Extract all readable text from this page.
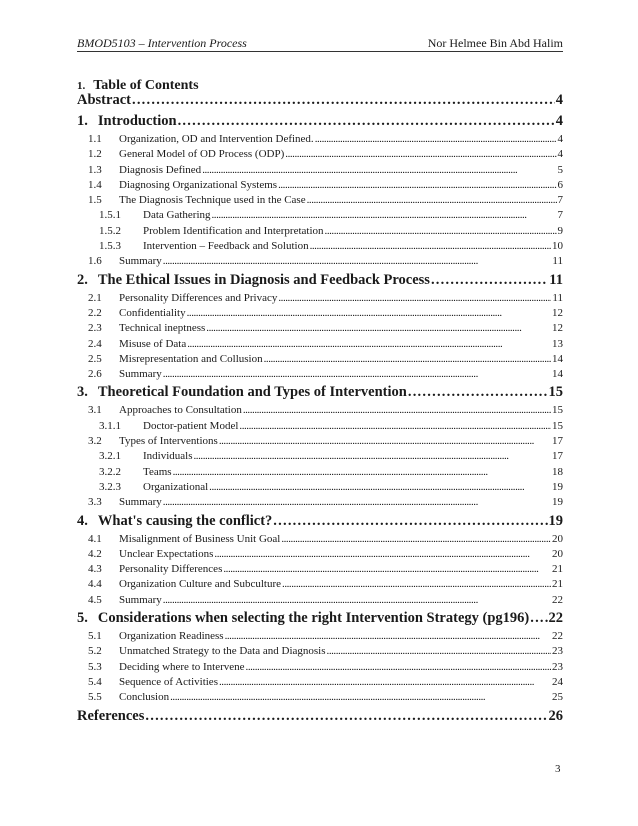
BMOD5103 – Intervention Process	Nor Helmee Bin Abd Halim
1. Table of Contents
Abstract . . .	4
1. Introduction . . .	4
1.1	Organization, OD and Intervention Defined. . . .	4
1.2	General Model of OD Process (ODP) . . .	4
1.3	Diagnosis Defined . . .	5
1.4	Diagnosing Organizational Systems . . .	6
1.5	The Diagnosis Technique used in the Case . . .	7
1.5.1	Data Gathering . . .	7
1.5.2	Problem Identification and Interpretation . . .	9
1.5.3	Intervention – Feedback and Solution . . .	10
1.6	Summary . . .	11
2. The Ethical Issues in Diagnosis and Feedback Process . . .	11
2.1	Personality Differences and Privacy . . .	11
2.2	Confidentiality . . .	12
2.3	Technical ineptness . . .	12
2.4	Misuse of Data . . .	13
2.5	Misrepresentation and Collusion . . .	14
2.6	Summary . . .	14
3. Theoretical Foundation and Types of Intervention . . .	15
3.1	Approaches to Consultation . . .	15
3.1.1	Doctor-patient Model . . .	15
3.2	Types of Interventions . . .	17
3.2.1	Individuals . . .	17
3.2.2	Teams . . .	18
3.2.3	Organizational . . .	19
3.3	Summary . . .	19
4. What's causing the conflict? . . .	19
4.1	Misalignment of Business Unit Goal . . .	20
4.2	Unclear Expectations . . .	20
4.3	Personality Differences . . .	21
4.4	Organization Culture and Subculture . . .	21
4.5	Summary . . .	22
5. Considerations when selecting the right Intervention Strategy (pg196) . . . 22
5.1	Organization Readiness . . .	22
5.2	Unmatched Strategy to the Data and Diagnosis . . .	23
5.3	Deciding where to Intervene . . .	23
5.4	Sequence of Activities . . .	24
5.5	Conclusion . . .	25
References . . .	26
3
